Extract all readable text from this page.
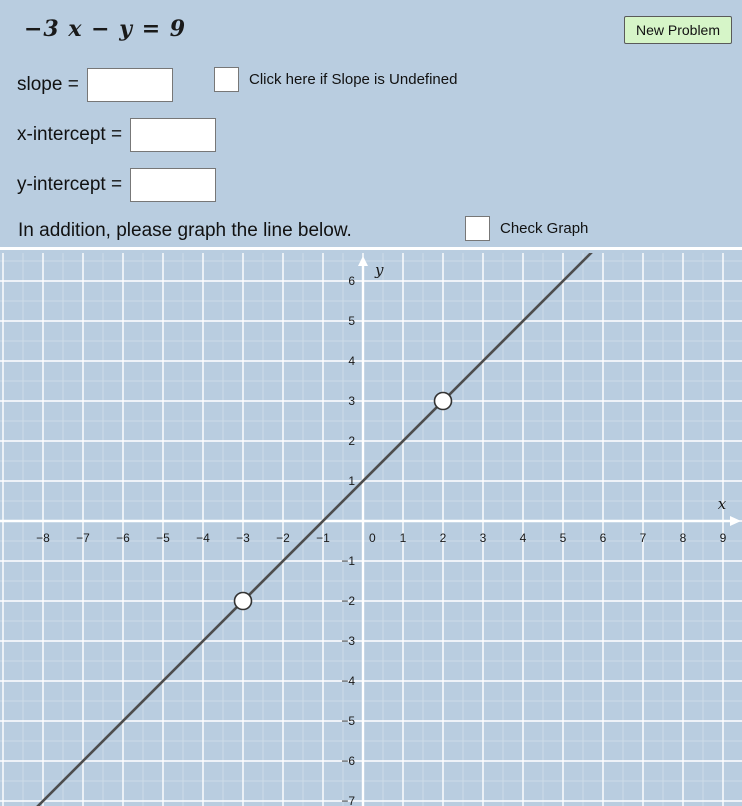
−3 x − y = 9	New Problem
slope =	Click here if Slope is Undefined
x-intercept =
y-intercept =
In addition, please graph the line below.	Check Graph
−8 −7 −6 −5 −4 −3 −2 −1	0 1	2	3	4	5	6	7	8	9
−7
−6
−5
−4
−3
−2
−1
1
2
3
4
5
6
x
y
